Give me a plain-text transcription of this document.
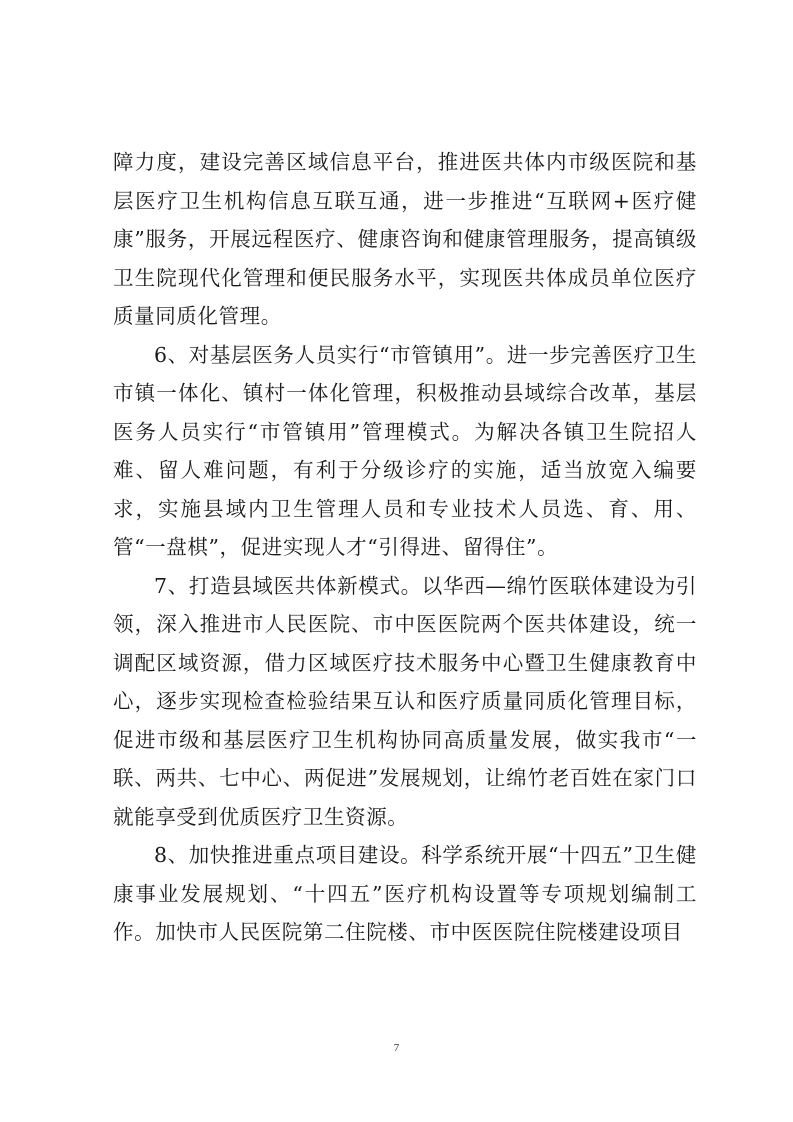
障力度，建设完善区域信息平台，推进医共体内市级医院和基层医疗卫生机构信息互联互通，进一步推进“互联网+医疗健康”服务，开展远程医疗、健康咨询和健康管理服务，提高镇级卫生院现代化管理和便民服务水平，实现医共体成员单位医疗质量同质化管理。

6、对基层医务人员实行“市管镇用”。进一步完善医疗卫生市镇一体化、镇村一体化管理，积极推动县域综合改革，基层医务人员实行“市管镇用”管理模式。为解决各镇卫生院招人难、留人难问题，有利于分级诊疗的实施，适当放宽入编要求，实施县域内卫生管理人员和专业技术人员选、育、用、管“一盘棋”，促进实现人才“引得进、留得住”。

7、打造县域医共体新模式。以华西—绵竹医联体建设为引领，深入推进市人民医院、市中医医院两个医共体建设，统一调配区域资源，借力区域医疗技术服务中心暨卫生健康教育中心，逐步实现检查检验结果互认和医疗质量同质化管理目标，促进市级和基层医疗卫生机构协同高质量发展，做实我市“一联、两共、七中心、两促进”发展规划，让绵竹老百姓在家门口就能享受到优质医疗卫生资源。

8、加快推进重点项目建设。科学系统开展“十四五”卫生健康事业发展规划、“十四五”医疗机构设置等专项规划编制工作。加快市人民医院第二住院楼、市中医医院住院楼建设项目

7
